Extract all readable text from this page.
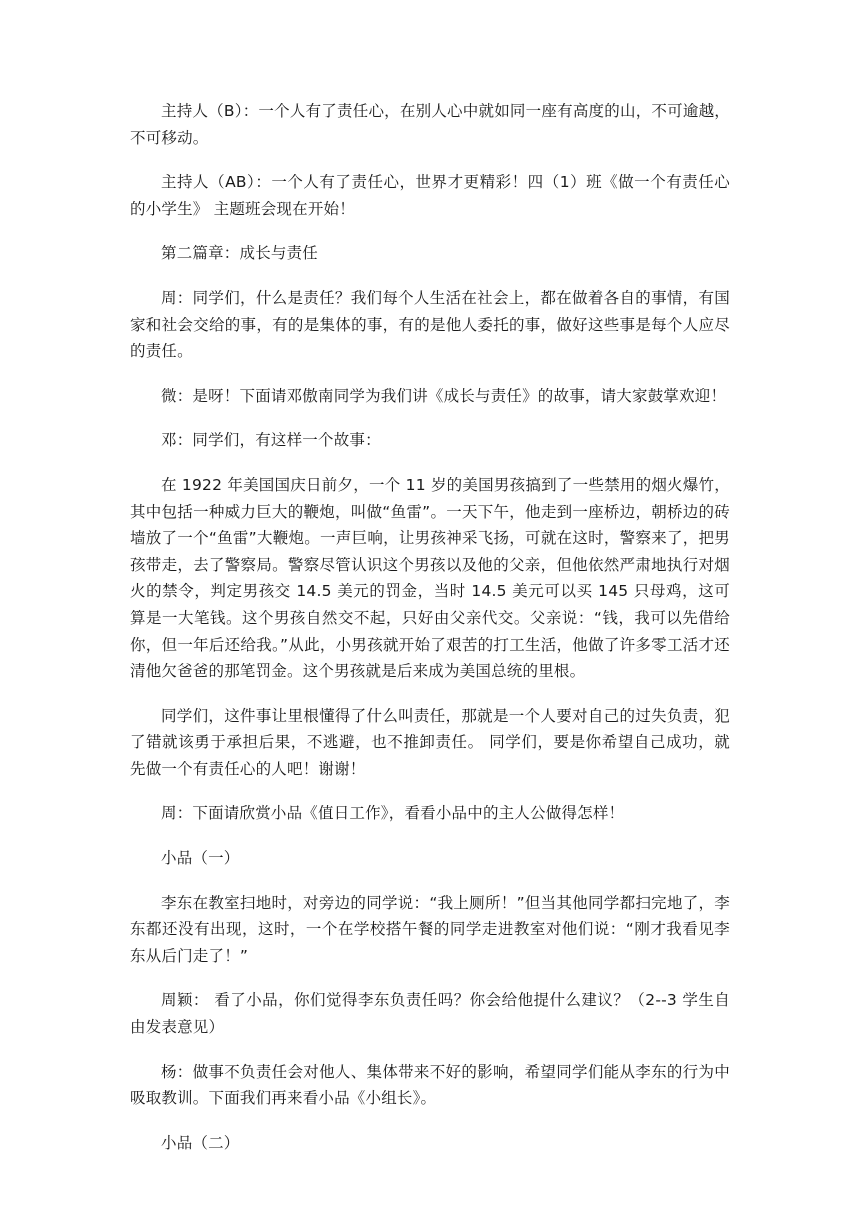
主持人（B）：一个人有了责任心，在别人心中就如同一座有高度的山，不可逾越，不可移动。

主持人（AB）：一个人有了责任心，世界才更精彩！四（1）班《做一个有责任心的小学生》 主题班会现在开始！

第二篇章：成长与责任

周：同学们，什么是责任？我们每个人生活在社会上，都在做着各自的事情，有国家和社会交给的事，有的是集体的事，有的是他人委托的事，做好这些事是每个人应尽的责任。

微：是呀！下面请邓傲南同学为我们讲《成长与责任》的故事，请大家鼓掌欢迎！

邓：同学们，有这样一个故事：

在 1922 年美国国庆日前夕，一个 11 岁的美国男孩搞到了一些禁用的烟火爆竹，其中包括一种威力巨大的鞭炮，叫做“鱼雷”。一天下午，他走到一座桥边，朝桥边的砖墙放了一个“鱼雷”大鞭炮。一声巨响，让男孩神采飞扬，可就在这时，警察来了，把男孩带走，去了警察局。警察尽管认识这个男孩以及他的父亲，但他依然严肃地执行对烟火的禁令，判定男孩交 14.5 美元的罚金，当时 14.5 美元可以买 145 只母鸡，这可算是一大笔钱。这个男孩自然交不起，只好由父亲代交。父亲说：“钱，我可以先借给你，但一年后还给我。”从此，小男孩就开始了艰苦的打工生活，他做了许多零工活才还清他欠爸爸的那笔罚金。这个男孩就是后来成为美国总统的里根。

同学们，这件事让里根懂得了什么叫责任，那就是一个人要对自己的过失负责，犯了错就该勇于承担后果，不逃避，也不推卸责任。 同学们，要是你希望自己成功，就先做一个有责任心的人吧！谢谢！

周：下面请欣赏小品《值日工作》，看看小品中的主人公做得怎样！

小品（一）

李东在教室扫地时，对旁边的同学说：“我上厕所！”但当其他同学都扫完地了，李东都还没有出现，这时，一个在学校搭午餐的同学走进教室对他们说：“刚才我看见李东从后门走了！”

周颖： 看了小品，你们觉得李东负责任吗？你会给他提什么建议？（2--3 学生自由发表意见）

杨：做事不负责任会对他人、集体带来不好的影响，希望同学们能从李东的行为中吸取教训。下面我们再来看小品《小组长》。

小品（二）
